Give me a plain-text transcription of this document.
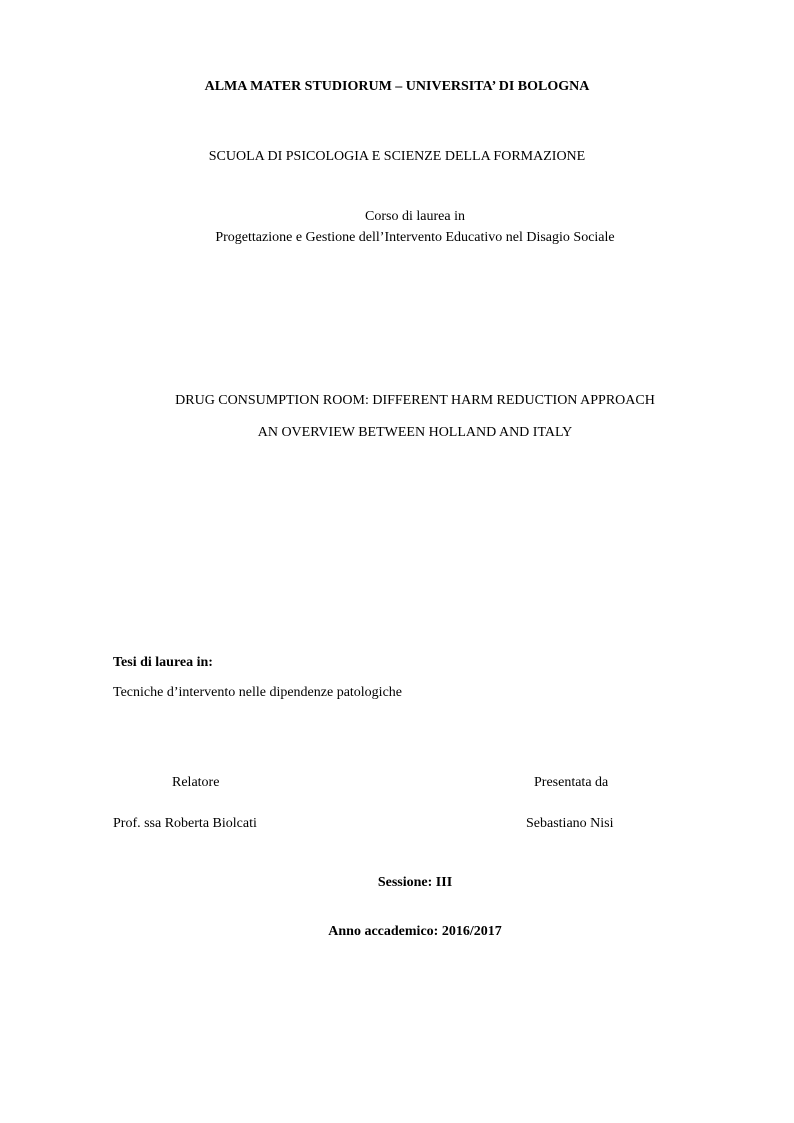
ALMA MATER STUDIORUM – UNIVERSITA’ DI BOLOGNA
SCUOLA DI PSICOLOGIA E SCIENZE DELLA FORMAZIONE
Corso di laurea in
Progettazione e Gestione dell’Intervento Educativo nel Disagio Sociale
DRUG CONSUMPTION ROOM: DIFFERENT HARM REDUCTION APPROACH
AN OVERVIEW BETWEEN HOLLAND AND ITALY
Tesi di laurea in:
Tecniche d’intervento nelle dipendenze patologiche
Relatore	Presentata da
Prof. ssa Roberta Biolcati	Sebastiano Nisi
Sessione: III
Anno accademico: 2016/2017
